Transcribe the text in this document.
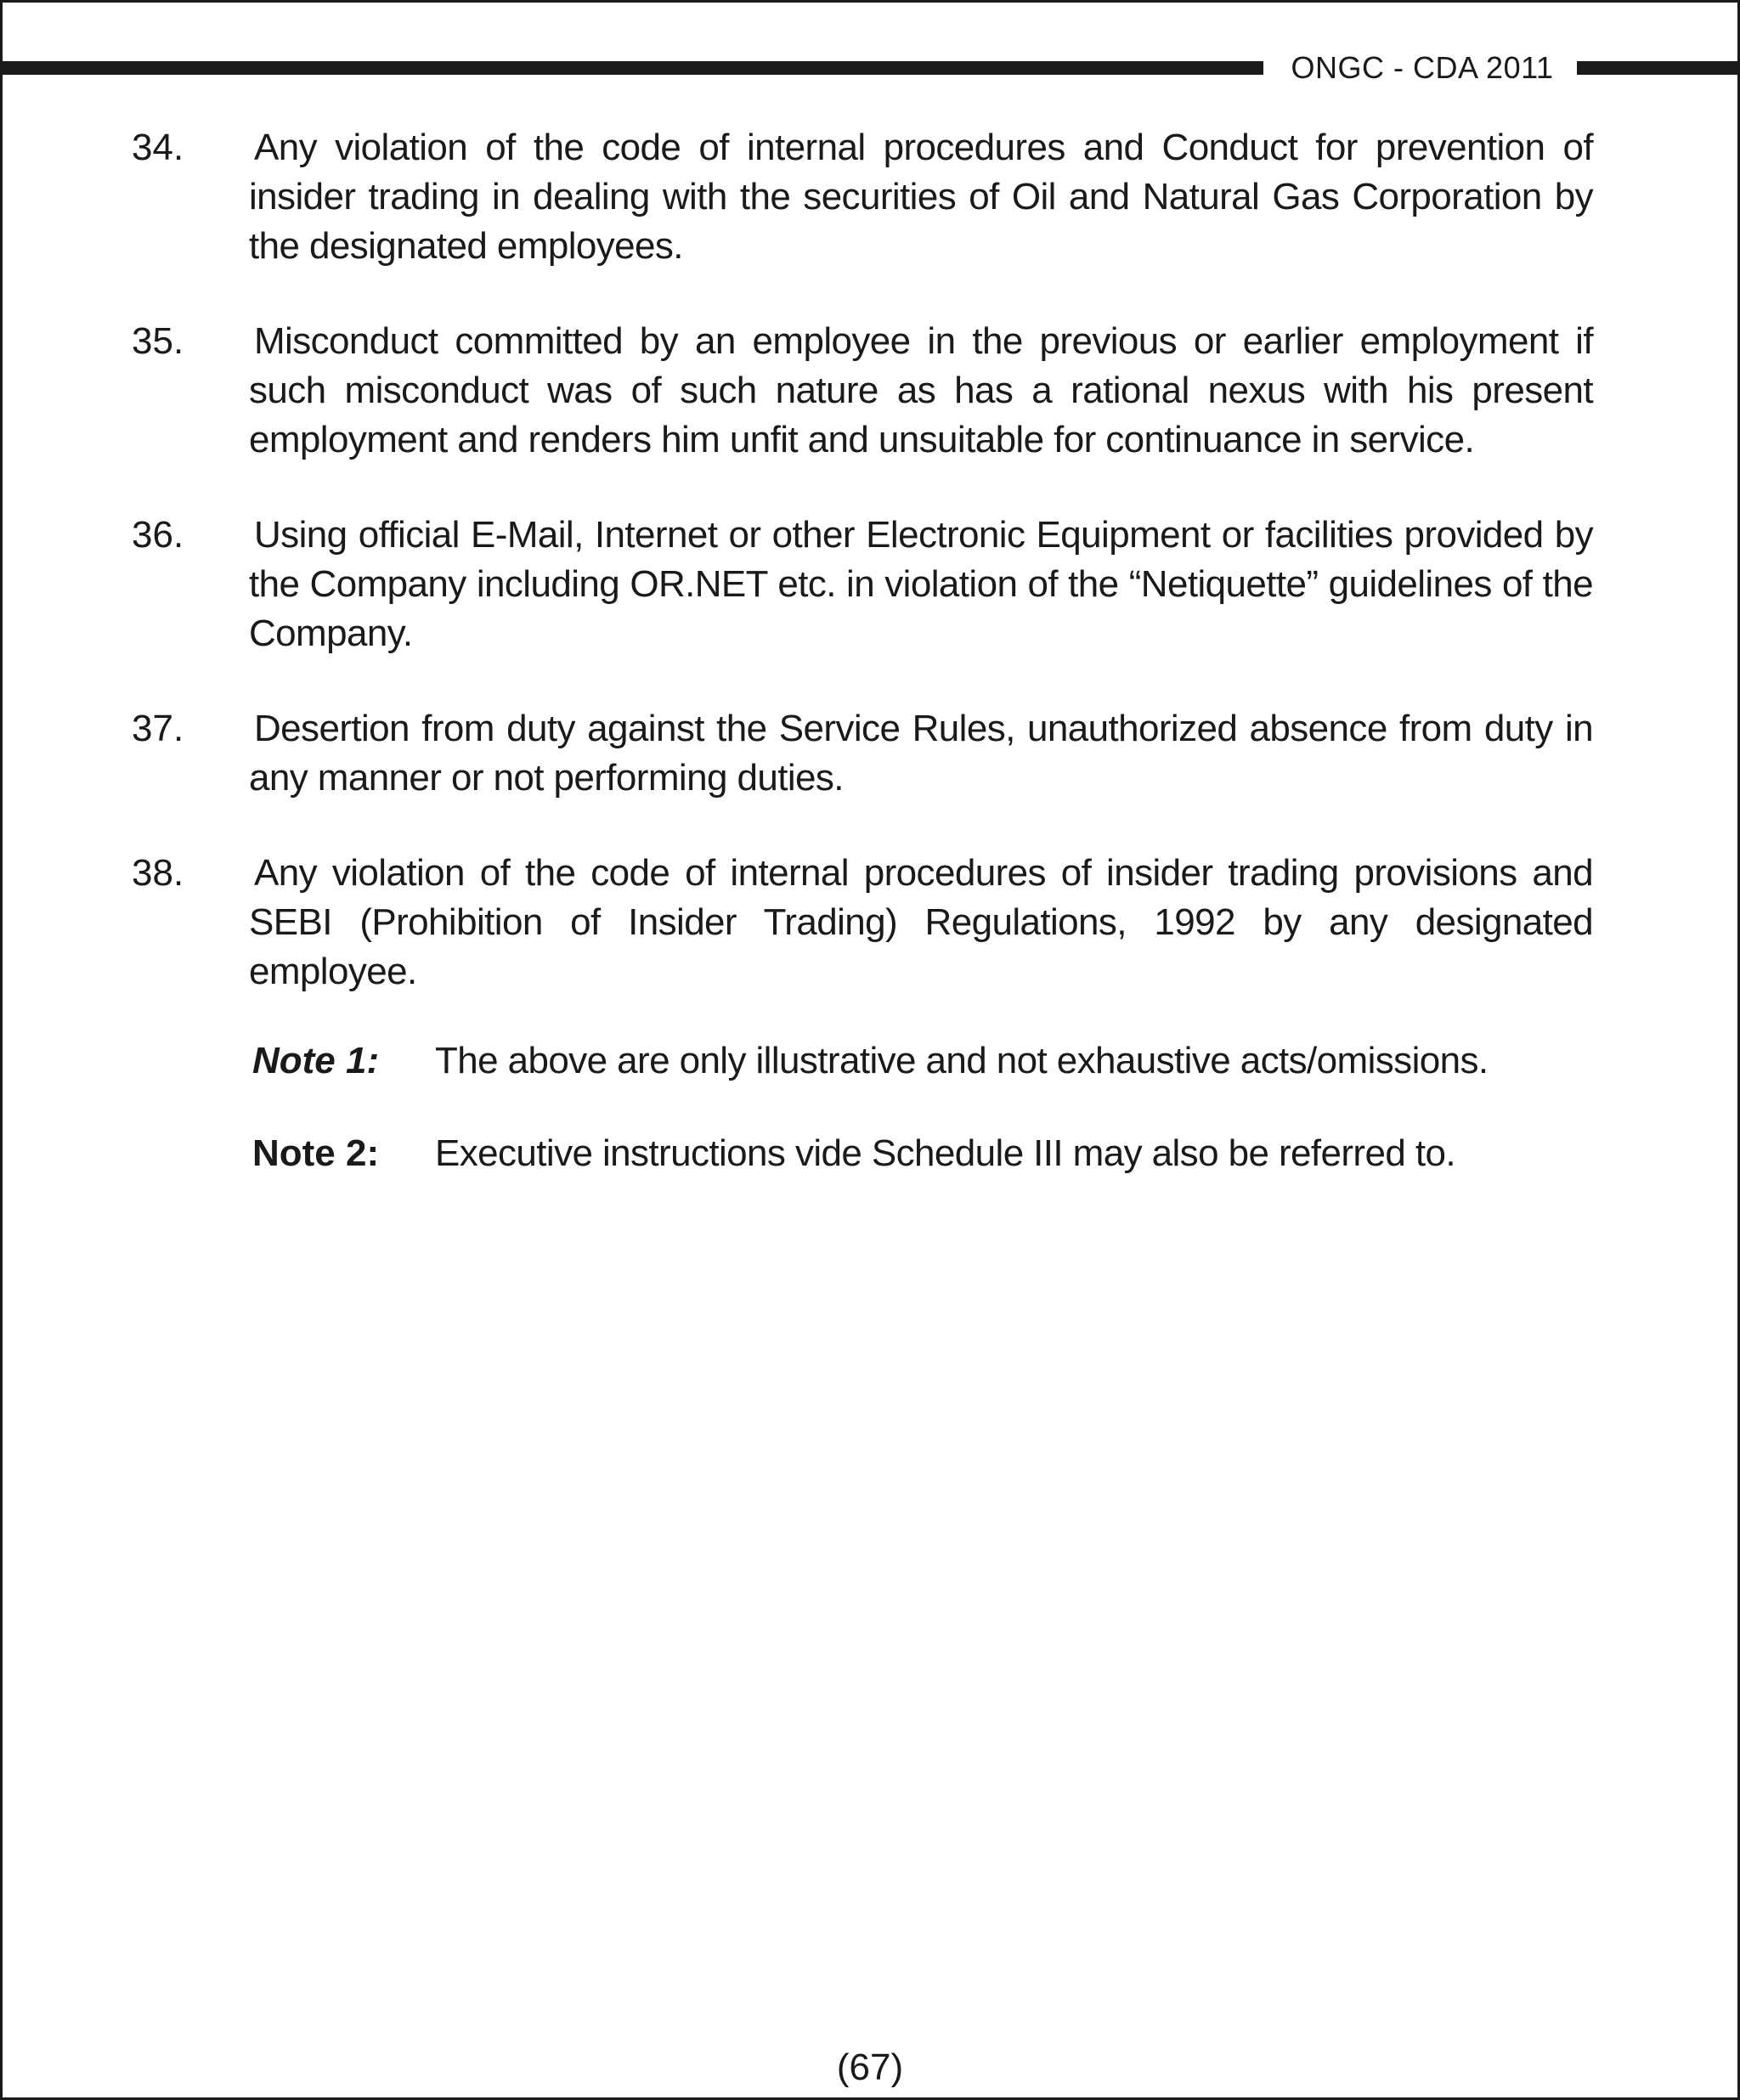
ONGC - CDA 2011
34. Any violation of the code of internal procedures and Conduct for prevention of insider trading in dealing with the securities of Oil and Natural Gas Corporation by the designated employees.
35. Misconduct committed by an employee in the previous or earlier employment if such misconduct was of such nature as has a rational nexus with his present employment and renders him unfit and unsuitable for continuance in service.
36. Using official E-Mail, Internet or other Electronic Equipment or facilities provided by the Company including OR.NET etc. in violation of the “Netiquette” guidelines of the Company.
37. Desertion from duty against the Service Rules, unauthorized absence from duty in any manner or not performing duties.
38. Any violation of the code of internal procedures of insider trading provisions and SEBI (Prohibition of Insider Trading) Regulations, 1992 by any designated employee.
Note 1: The above are only illustrative and not exhaustive acts/omissions.
Note 2: Executive instructions vide Schedule III may also be referred to.
(67)
